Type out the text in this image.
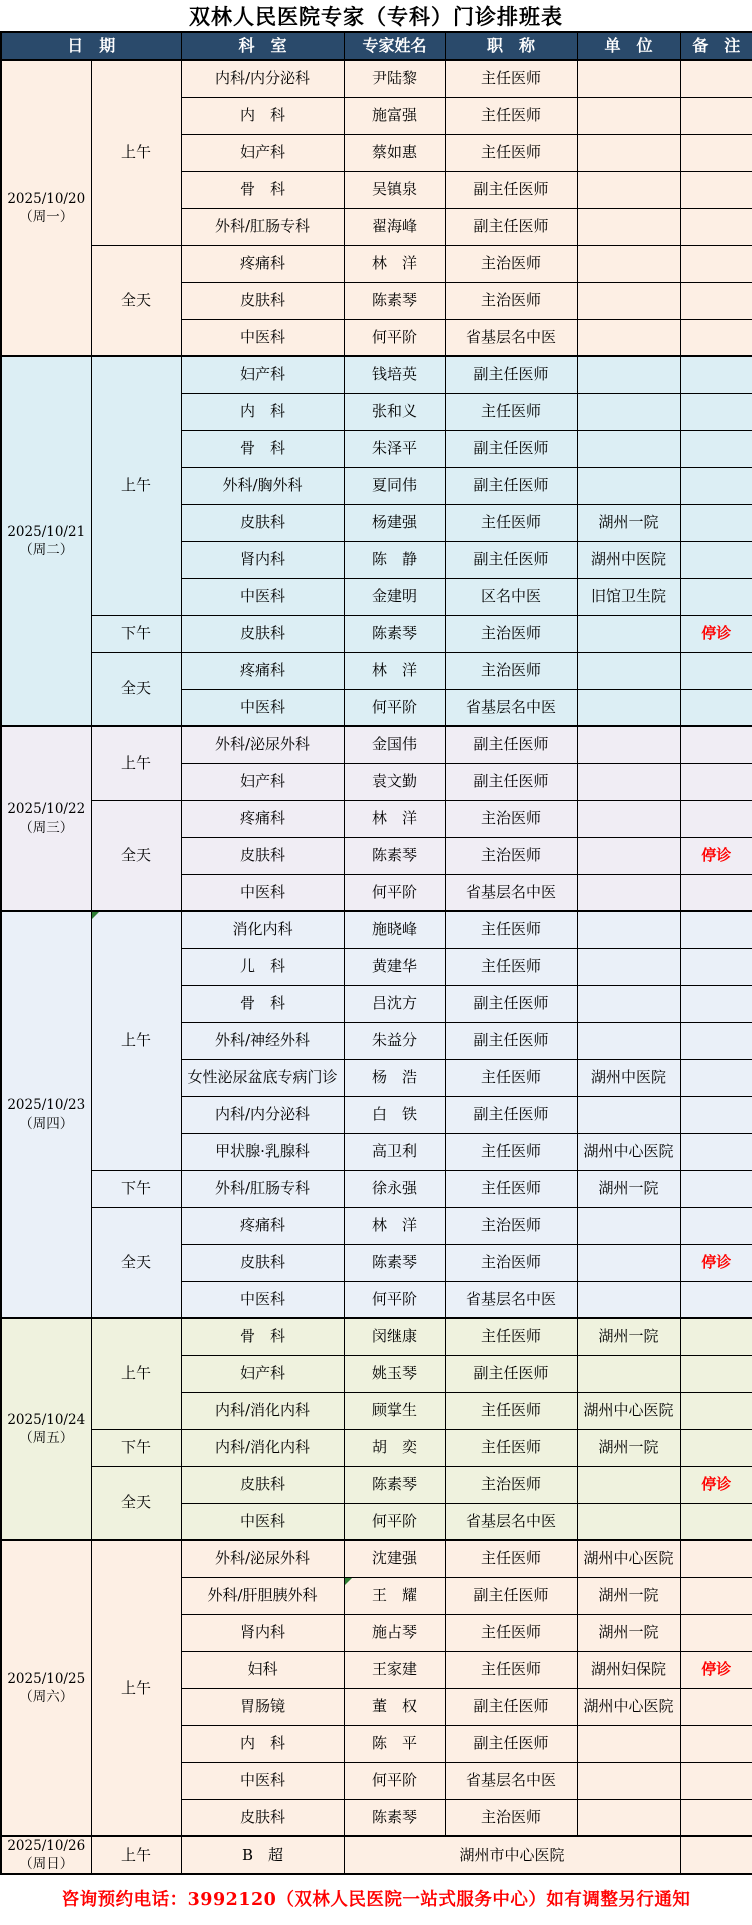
双林人民医院专家（专科）门诊排班表
日　期		科　室	专家姓名	职　称	单　位	备　注

2025/10/20
（周一）	上午	内科/内分泌科	尹陆黎	主任医师		
		内　科	施富强	主任医师		
		妇产科	蔡如惠	主任医师		
		骨　科	吴镇泉	副主任医师		
		外科/肛肠专科	翟海峰	副主任医师		
	全天	疼痛科	林　洋	主治医师		
		皮肤科	陈素琴	主治医师		
		中医科	何平阶	省基层名中医		

2025/10/21
（周二）	上午	妇产科	钱培英	副主任医师		
		内　科	张和义	主任医师		
		骨　科	朱泽平	副主任医师		
		外科/胸外科	夏同伟	副主任医师		
		皮肤科	杨建强	主任医师	湖州一院	
		肾内科	陈　静	副主任医师	湖州中医院	
		中医科	金建明	区名中医	旧馆卫生院	
	下午	皮肤科	陈素琴	主治医师		停诊
	全天	疼痛科	林　洋	主治医师		
		中医科	何平阶	省基层名中医		

2025/10/22
（周三）	上午	外科/泌尿外科	金国伟	副主任医师		
		妇产科	袁文勤	副主任医师		
	全天	疼痛科	林　洋	主治医师		
		皮肤科	陈素琴	主治医师		停诊
		中医科	何平阶	省基层名中医		

2025/10/23
（周四）	上午	消化内科	施晓峰	主任医师		
		儿　科	黄建华	主任医师		
		骨　科	吕沈方	副主任医师		
		外科/神经外科	朱益分	副主任医师		
		女性泌尿盆底专病门诊	杨　浩	主任医师	湖州中医院	
		内科/内分泌科	白　铁	副主任医师		
		甲状腺·乳腺科	高卫利	主任医师	湖州中心医院	
	下午	外科/肛肠专科	徐永强	主任医师	湖州一院	
	全天	疼痛科	林　洋	主治医师		
		皮肤科	陈素琴	主治医师		停诊
		中医科	何平阶	省基层名中医		

2025/10/24
（周五）	上午	骨　科	闵继康	主任医师	湖州一院	
		妇产科	姚玉琴	副主任医师		
		内科/消化内科	顾掌生	主任医师	湖州中心医院	
	下午	内科/消化内科	胡　奕	主任医师	湖州一院	
	全天	皮肤科	陈素琴	主治医师		停诊
		中医科	何平阶	省基层名中医		

2025/10/25
（周六）	上午	外科/泌尿外科	沈建强	主任医师	湖州中心医院	
		外科/肝胆胰外科	王　耀	副主任医师	湖州一院	
		肾内科	施占琴	主任医师	湖州一院	
		妇科	王家建	主任医师	湖州妇保院	停诊
		胃肠镜	董　权	副主任医师	湖州中心医院	
		内　科	陈　平	副主任医师		
		中医科	何平阶	省基层名中医		
		皮肤科	陈素琴	主治医师		

2025/10/26
（周日）	上午	B　超	湖州市中心医院			
咨询预约电话：3992120（双林人民医院一站式服务中心）如有调整另行通知
